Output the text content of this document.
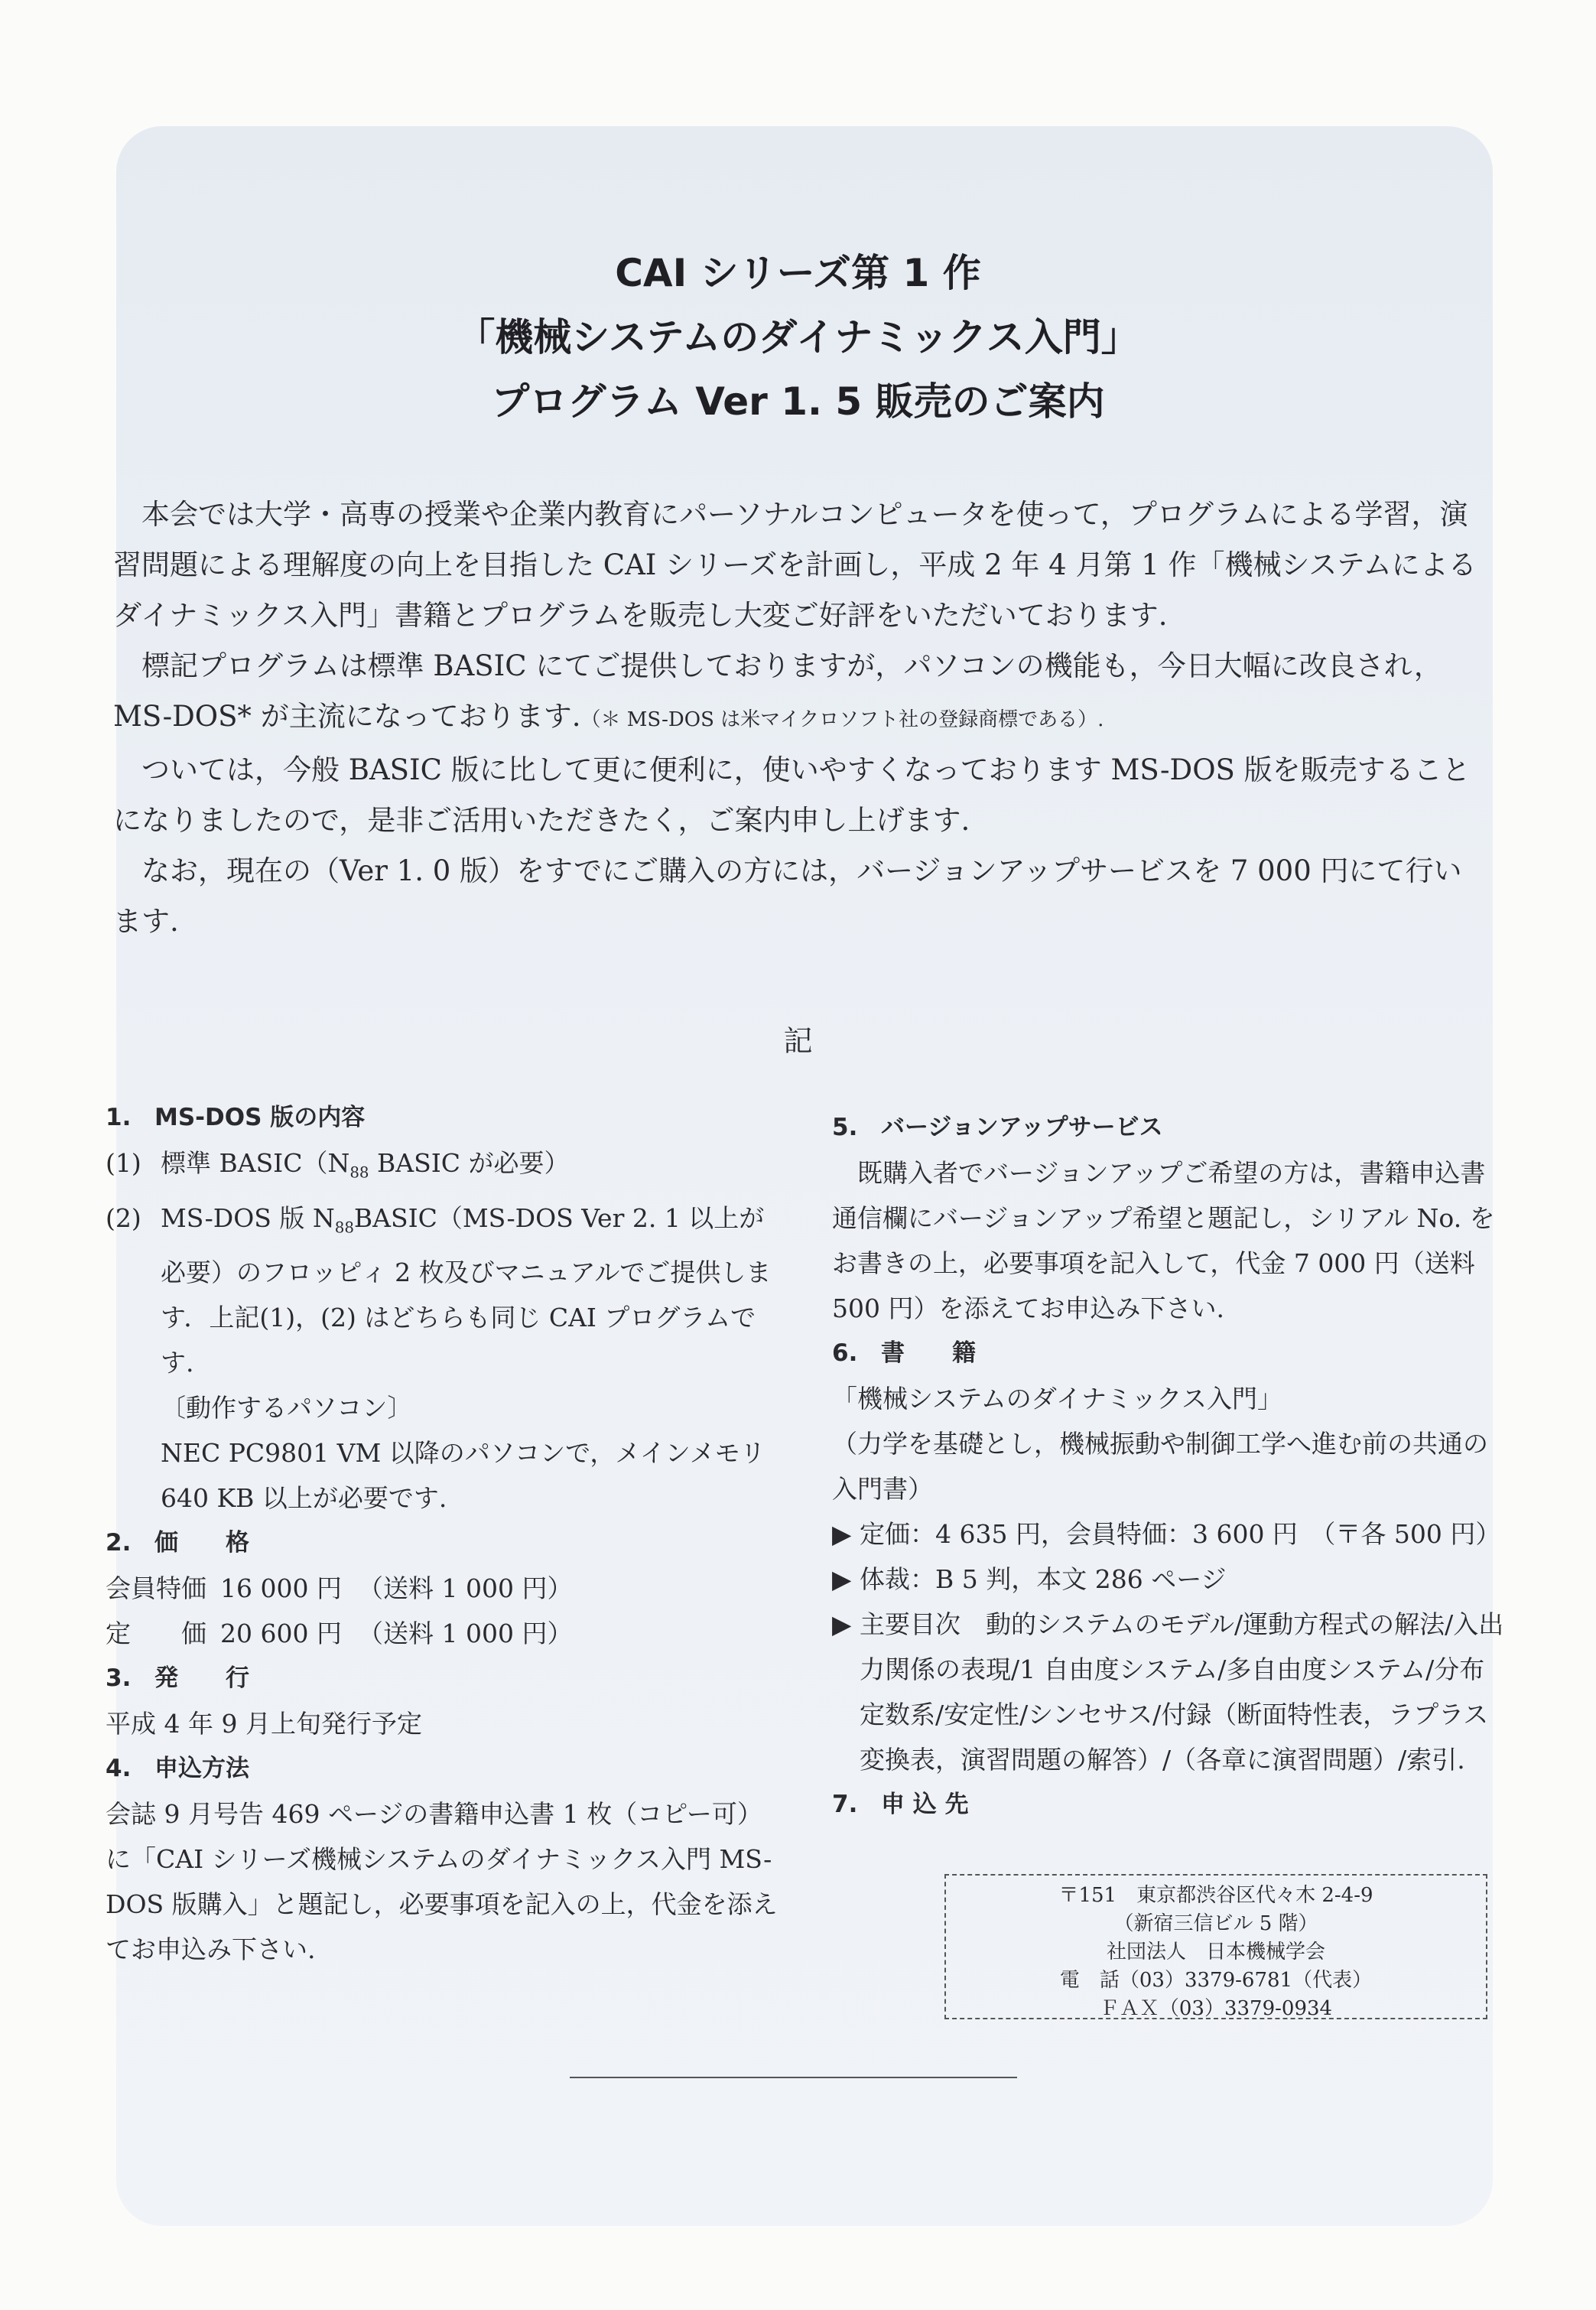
CAI シリーズ第 1 作
「機械システムのダイナミックス入門」
プログラム Ver 1. 5 販売のご案内

本会では大学・高専の授業や企業内教育にパーソナルコンピュータを使って，プログラムによる学習，演習問題による理解度の向上を目指した CAI シリーズを計画し，平成 2 年 4 月第 1 作「機械システムによるダイナミックス入門」書籍とプログラムを販売し大変ご好評をいただいております.

標記プログラムは標準 BASIC にてご提供しておりますが，パソコンの機能も，今日大幅に改良され，MS-DOS* が主流になっております.（＊ MS-DOS は米マイクロソフト社の登録商標である）.

ついては，今般 BASIC 版に比して更に便利に，使いやすくなっております MS-DOS 版を販売することになりましたので，是非ご活用いただきたく，ご案内申し上げます.

なお，現在の（Ver 1. 0 版）をすでにご購入の方には，バージョンアップサービスを 7 000 円にて行います.

記
1. MS-DOS 版の内容
(1) 標準 $BASIC(N_{88}$ BASIC が必要）
(2) MS-DOS 版 $N_{88}BASIC(MS$-DOS Ver 2. 1 以上が必要）のフロッピィ 2 枚及びマニュアルでご提供します．上記(1)，(2) はどちらも同じ CAI プログラムです.
〔動作するパソコン〕
NEC PC9801 VM 以降のパソコンで，メインメモリ 640 KB 以上が必要です.
2. 価　　格
会員特価 16 000 円 （送料 1 000 円）
定　　価 20 600 円 （送料 1 000 円）
3. 発　　行
平成 4 年 9 月上旬発行予定
4. 申込方法
会誌 9 月号告 469 ページの書籍申込書 1 枚（コピー可）に「CAI シリーズ機械システムのダイナミックス入門 MS-DOS 版購入」と題記し，必要事項を記入の上，代金を添えてお申込み下さい.
5. バージョンアップサービス
既購入者でバージョンアップご希望の方は，書籍申込書通信欄にバージョンアップ希望と題記し，シリアル No. をお書きの上，必要事項を記入して，代金 7 000 円（送料 500 円）を添えてお申込み下さい.
6. 書　　籍
「機械システムのダイナミックス入門」
（力学を基礎とし，機械振動や制御工学へ進む前の共通の入門書）
▶ 定価：4 635 円，会員特価：3 600 円　（〒各 500 円）
▶ 体裁：B 5 判，本文 286 ページ
▶ 主要目次　動的システムのモデル/運動方程式の解法/入出力関係の表現/1 自由度システム/多自由度システム/分布定数系/安定性/シンセサス/付録（断面特性表，ラプラス変換表，演習問題の解答）/（各章に演習問題）/索引.
7. 申 込 先
〒151　東京都渋谷区代々木 2-4-9
（新宿三信ビル 5 階）
社団法人　日本機械学会
電　話（03）3379-6781（代表）
ＦＡＸ（03）3379-0934
